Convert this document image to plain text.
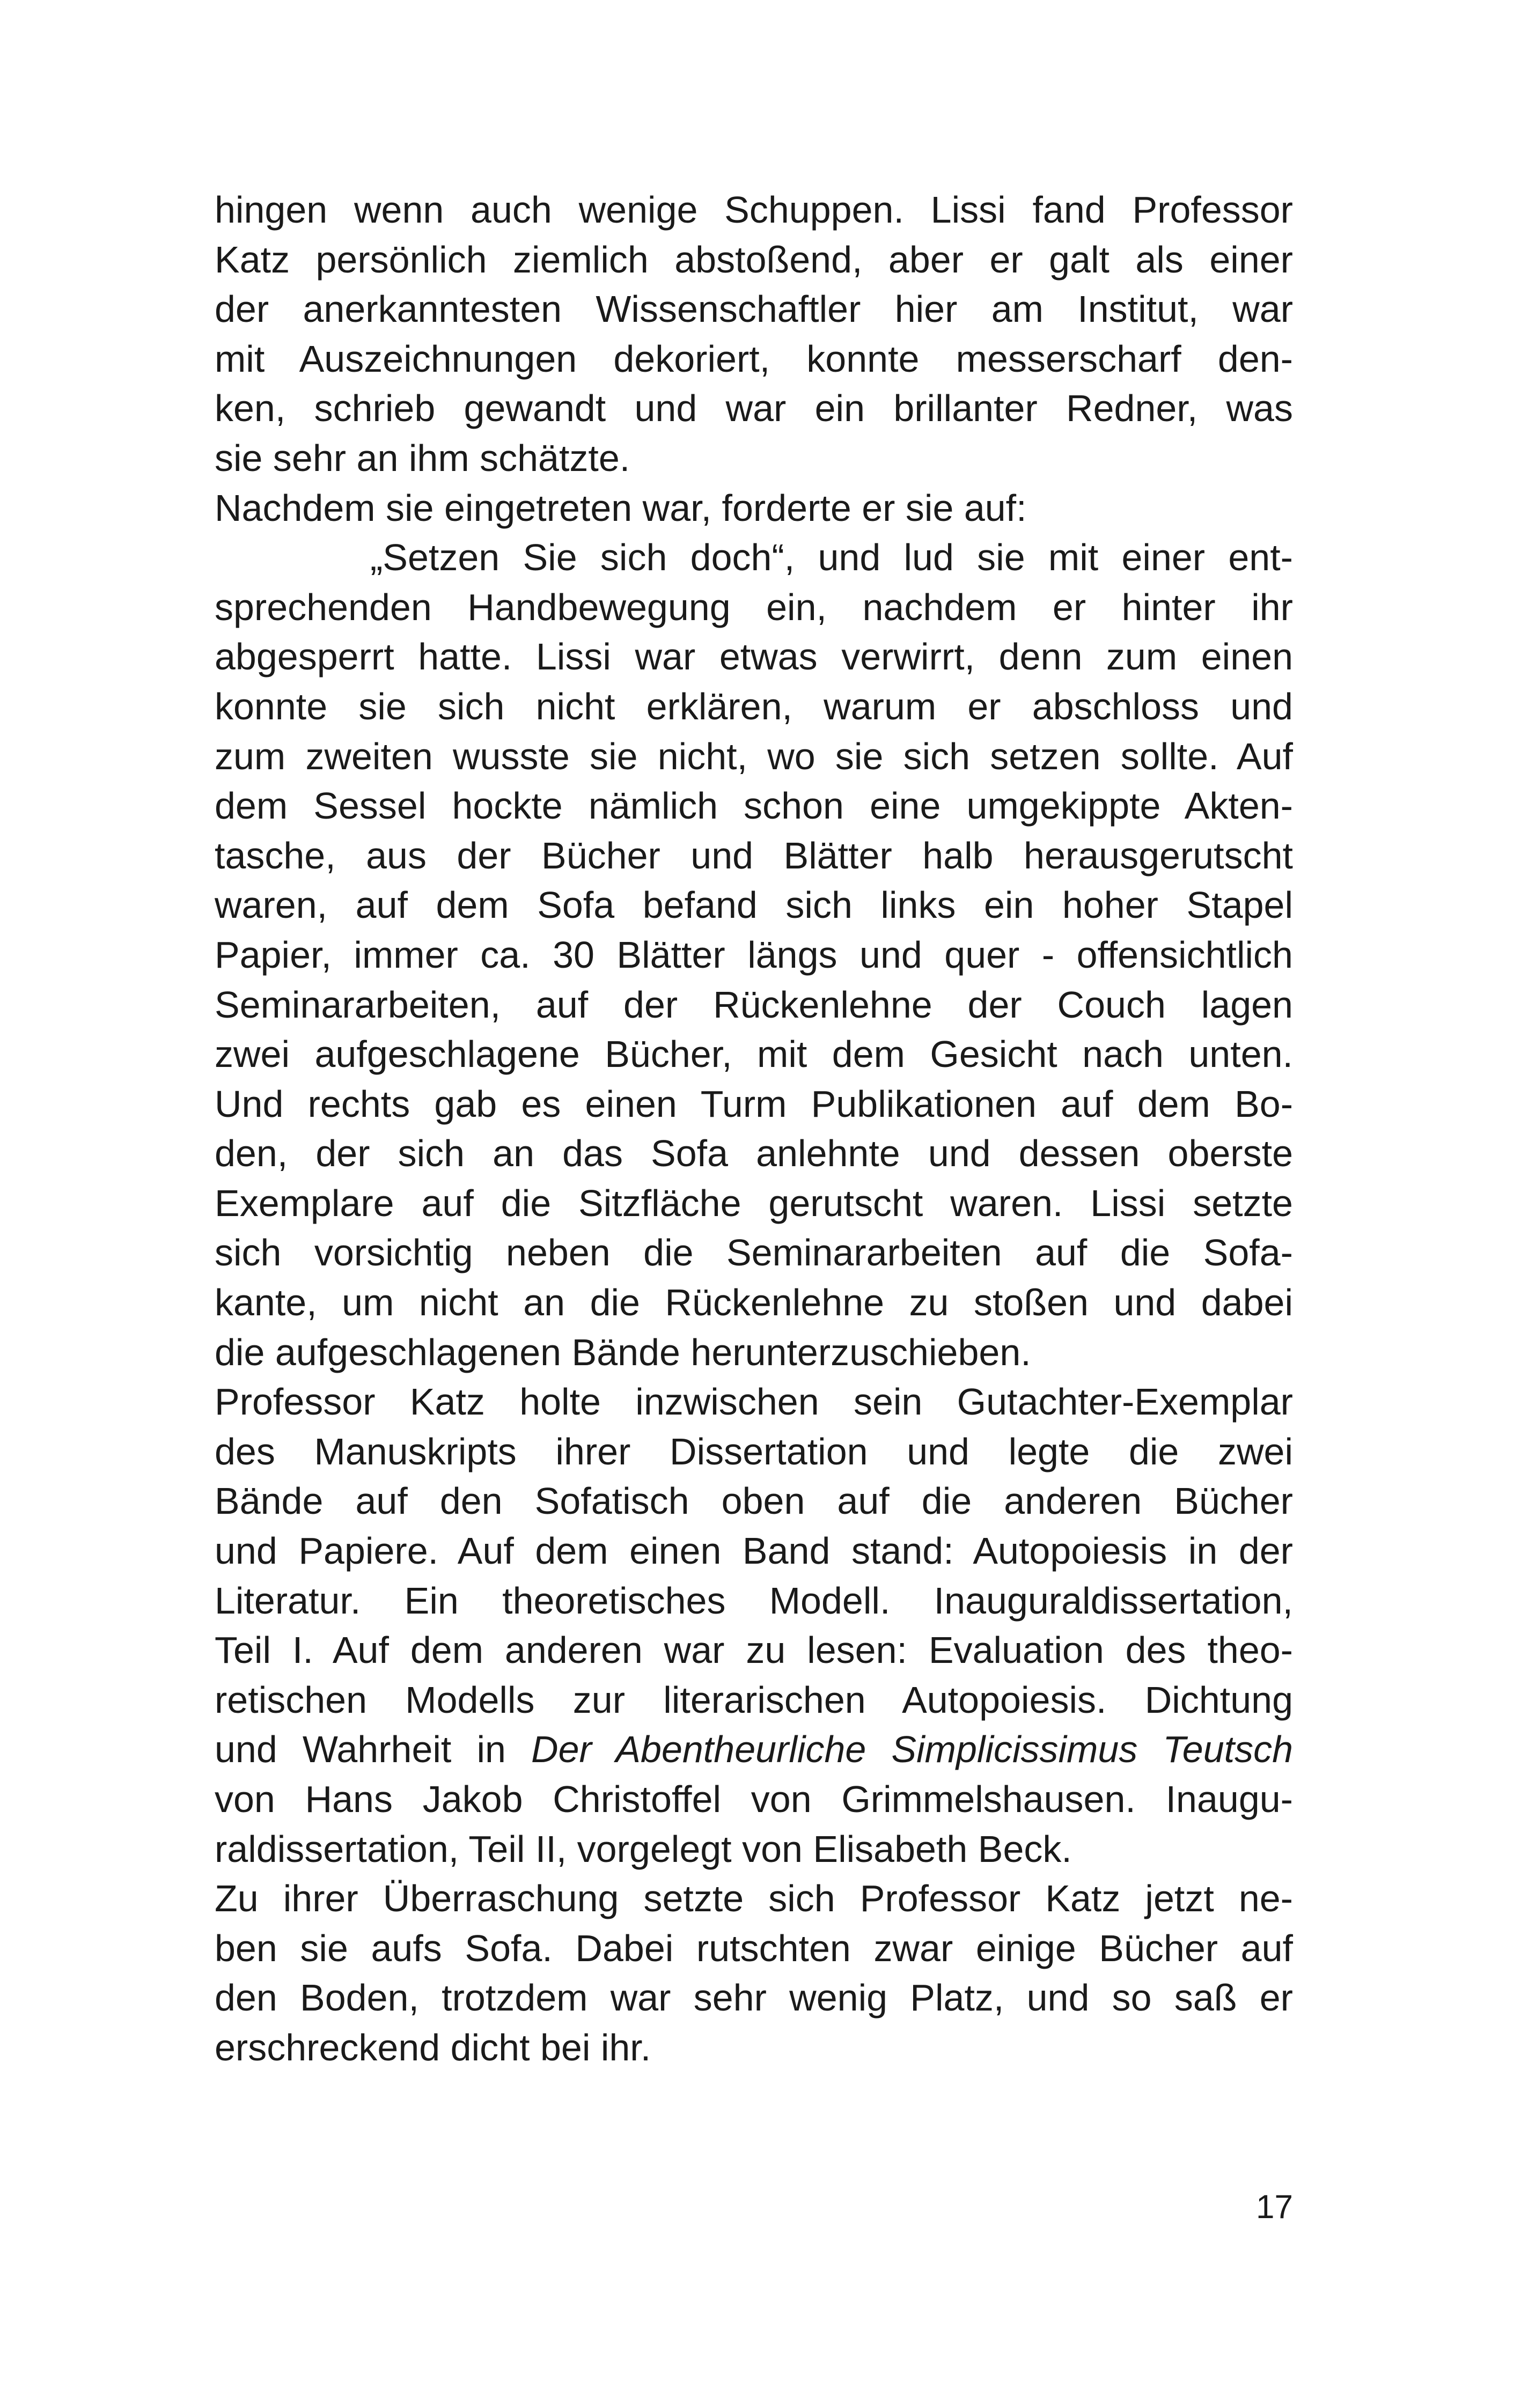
hingen wenn auch wenige Schuppen. Lissi fand Professor
Katz persönlich ziemlich abstoßend, aber er galt als einer
der anerkanntesten Wissenschaftler hier am Institut, war
mit Auszeichnungen dekoriert, konnte messerscharf den-
ken, schrieb gewandt und war ein brillanter Redner, was
sie sehr an ihm schätzte.
Nachdem sie eingetreten war, forderte er sie auf:
„Setzen Sie sich doch“, und lud sie mit einer ent-
sprechenden Handbewegung ein, nachdem er hinter ihr
abgesperrt hatte. Lissi war etwas verwirrt, denn zum einen
konnte sie sich nicht erklären, warum er abschloss und
zum zweiten wusste sie nicht, wo sie sich setzen sollte. Auf
dem Sessel hockte nämlich schon eine umgekippte Akten-
tasche, aus der Bücher und Blätter halb herausgerutscht
waren, auf dem Sofa befand sich links ein hoher Stapel
Papier, immer ca. 30 Blätter längs und quer - offensichtlich
Seminararbeiten, auf der Rückenlehne der Couch lagen
zwei aufgeschlagene Bücher, mit dem Gesicht nach unten.
Und rechts gab es einen Turm Publikationen auf dem Bo-
den, der sich an das Sofa anlehnte und dessen oberste
Exemplare auf die Sitzfläche gerutscht waren. Lissi setzte
sich vorsichtig neben die Seminararbeiten auf die Sofa-
kante, um nicht an die Rückenlehne zu stoßen und dabei
die aufgeschlagenen Bände herunterzuschieben.
Professor Katz holte inzwischen sein Gutachter-Exemplar
des Manuskripts ihrer Dissertation und legte die zwei
Bände auf den Sofatisch oben auf die anderen Bücher
und Papiere. Auf dem einen Band stand: Autopoiesis in der
Literatur. Ein theoretisches Modell. Inauguraldissertation,
Teil I. Auf dem anderen war zu lesen: Evaluation des theo-
retischen Modells zur literarischen Autopoiesis. Dichtung
und Wahrheit in Der Abentheurliche Simplicissimus Teutsch
von Hans Jakob Christoffel von Grimmelshausen. Inaugu-
raldissertation, Teil II, vorgelegt von Elisabeth Beck.
Zu ihrer Überraschung setzte sich Professor Katz jetzt ne-
ben sie aufs Sofa. Dabei rutschten zwar einige Bücher auf
den Boden, trotzdem war sehr wenig Platz, und so saß er
erschreckend dicht bei ihr.
17
